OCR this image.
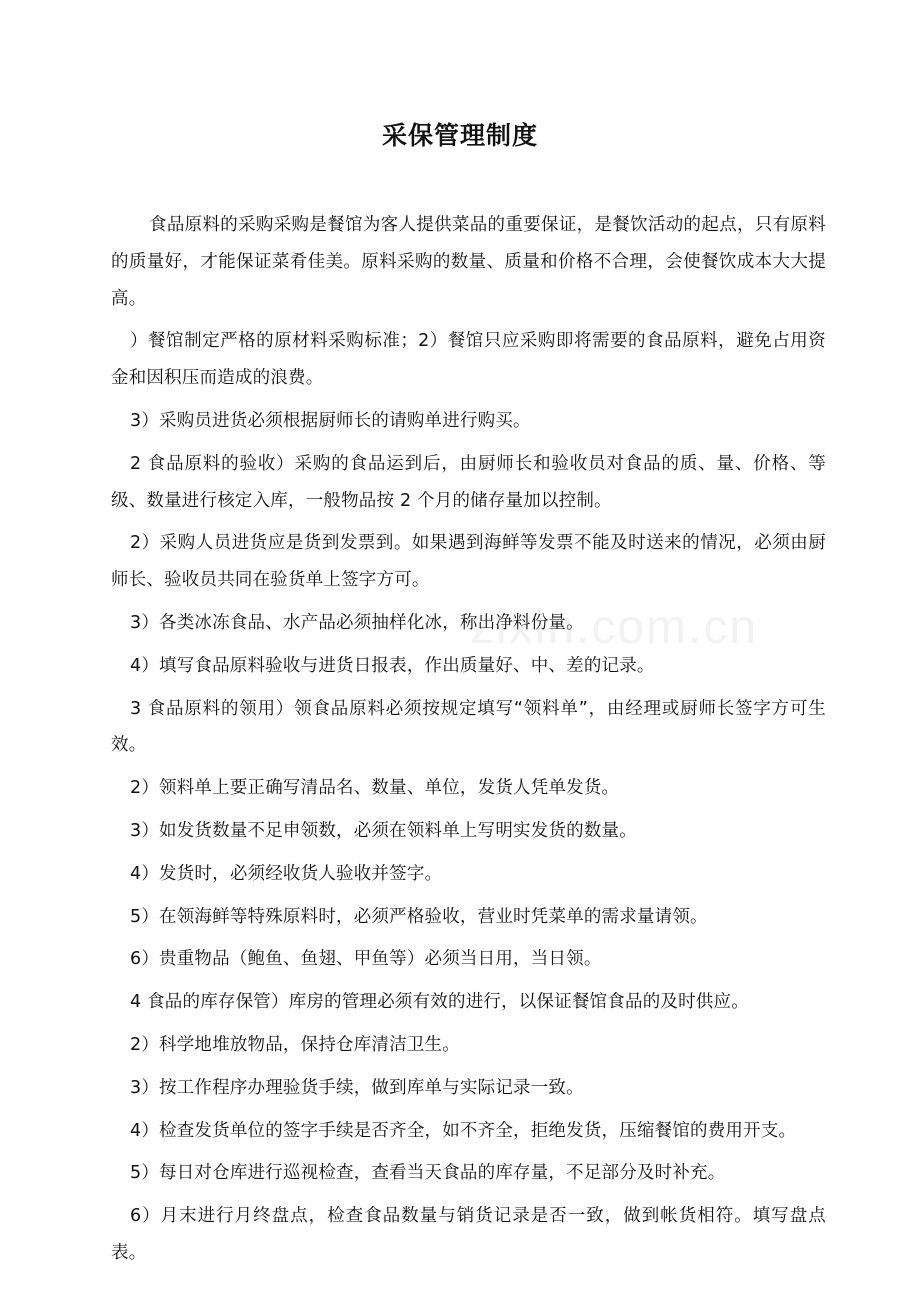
采保管理制度

食品原料的采购采购是餐馆为客人提供菜品的重要保证，是餐饮活动的起点，只有原料的质量好，才能保证菜肴佳美。原料采购的数量、质量和价格不合理，会使餐饮成本大大提高。

）餐馆制定严格的原材料采购标准；2）餐馆只应采购即将需要的食品原料，避免占用资金和因积压而造成的浪费。

3）采购员进货必须根据厨师长的请购单进行购买。

2 食品原料的验收）采购的食品运到后，由厨师长和验收员对食品的质、量、价格、等级、数量进行核定入库，一般物品按 2 个月的储存量加以控制。

2）采购人员进货应是货到发票到。如果遇到海鲜等发票不能及时送来的情况，必须由厨师长、验收员共同在验货单上签字方可。

3）各类冰冻食品、水产品必须抽样化冰，称出净料份量。

4）填写食品原料验收与进货日报表，作出质量好、中、差的记录。

3 食品原料的领用）领食品原料必须按规定填写“领料单”，由经理或厨师长签字方可生效。

2）领料单上要正确写清品名、数量、单位，发货人凭单发货。

3）如发货数量不足申领数，必须在领料单上写明实发货的数量。

4）发货时，必须经收货人验收并签字。

5）在领海鲜等特殊原料时，必须严格验收，营业时凭菜单的需求量请领。

6）贵重物品（鲍鱼、鱼翅、甲鱼等）必须当日用，当日领。

4 食品的库存保管）库房的管理必须有效的进行，以保证餐馆食品的及时供应。

2）科学地堆放物品，保持仓库清洁卫生。

3）按工作程序办理验货手续，做到库单与实际记录一致。

4）检查发货单位的签字手续是否齐全，如不齐全，拒绝发货，压缩餐馆的费用开支。

5）每日对仓库进行巡视检查，查看当天食品的库存量，不足部分及时补充。

6）月末进行月终盘点，检查食品数量与销货记录是否一致，做到帐货相符。填写盘点表。

zixin.com.cn
